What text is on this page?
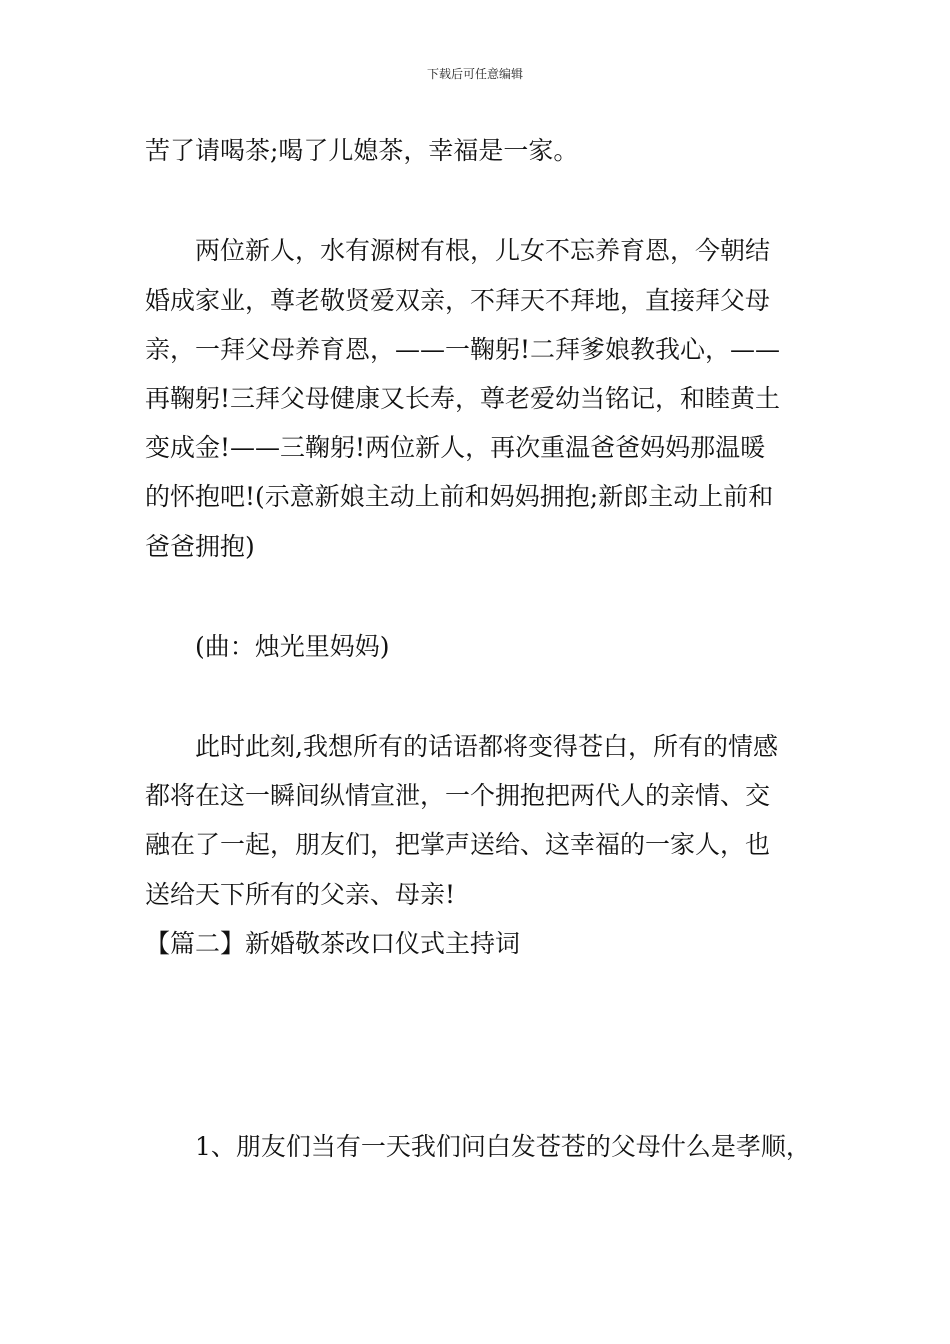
下载后可任意编辑
苦了请喝茶;喝了儿媳茶，幸福是一家。
　　两位新人，水有源树有根，儿女不忘养育恩，今朝结
婚成家业，尊老敬贤爱双亲，不拜天不拜地，直接拜父母
亲，一拜父母养育恩，——一鞠躬!二拜爹娘教我心，——
再鞠躬!三拜父母健康又长寿，尊老爱幼当铭记，和睦黄土
变成金!——三鞠躬!两位新人，再次重温爸爸妈妈那温暖
的怀抱吧!(示意新娘主动上前和妈妈拥抱;新郎主动上前和
爸爸拥抱)
　　(曲：烛光里妈妈)
　　此时此刻,我想所有的话语都将变得苍白，所有的情感
都将在这一瞬间纵情宣泄，一个拥抱把两代人的亲情、交
融在了一起，朋友们，把掌声送给、这幸福的一家人，也
送给天下所有的父亲、母亲!
【篇二】新婚敬茶改口仪式主持词
　　1、朋友们当有一天我们问白发苍苍的父母什么是孝顺，
